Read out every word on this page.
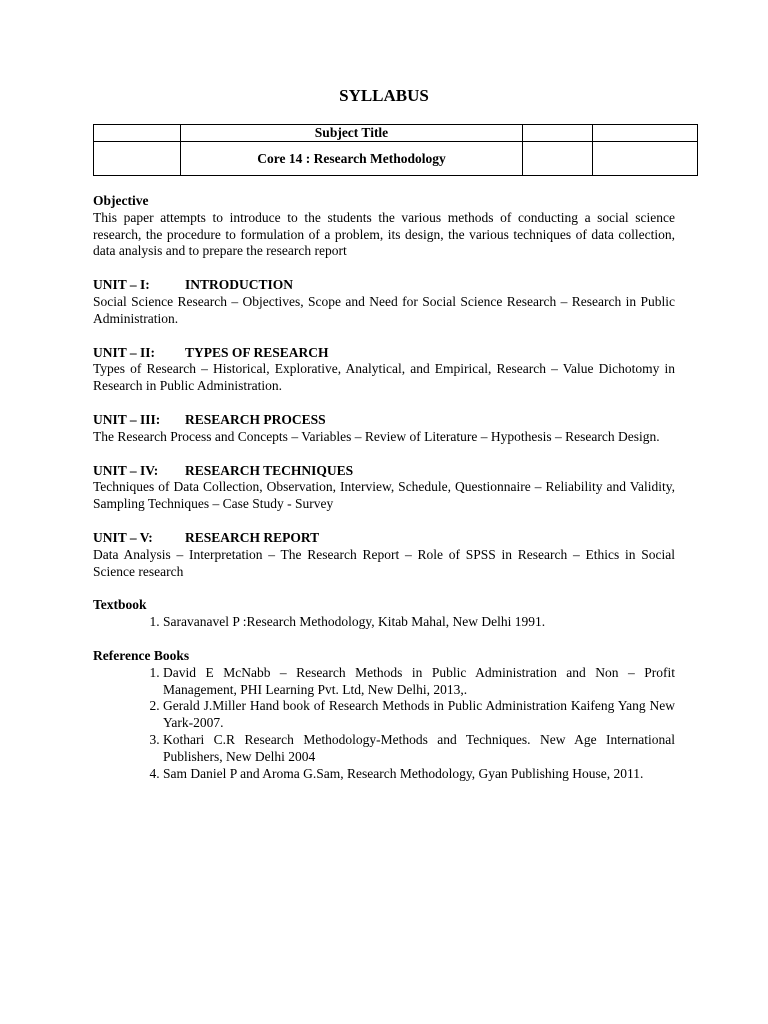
SYLLABUS
	Subject Title		
	Core 14 : Research Methodology		

Objective

This paper attempts to introduce to the students the various methods of conducting a social science research, the procedure to formulation of a problem, its design, the various techniques of data collection, data analysis and to prepare the research report

UNIT – I:	INTRODUCTION

Social Science Research – Objectives, Scope and Need for Social Science Research – Research in Public Administration.

UNIT – II: TYPES OF RESEARCH

Types of Research – Historical, Explorative, Analytical, and Empirical, Research – Value Dichotomy in Research in Public Administration.

UNIT – III: RESEARCH PROCESS

The Research Process and Concepts – Variables – Review of Literature – Hypothesis – Research Design.

UNIT – IV: RESEARCH TECHNIQUES

Techniques of Data Collection, Observation, Interview, Schedule, Questionnaire – Reliability and Validity, Sampling Techniques – Case Study - Survey

UNIT – V: RESEARCH REPORT

Data Analysis – Interpretation – The Research Report – Role of SPSS in Research – Ethics in Social Science research

Textbook

1. Saravanavel P :Research Methodology, Kitab Mahal, New Delhi 1991.

Reference Books

1. David E McNabb – Research Methods in Public Administration and Non – Profit Management, PHI Learning Pvt. Ltd, New Delhi, 2013,.
2. Gerald J.Miller Hand book of Research Methods in Public Administration Kaifeng Yang New Yark-2007.
3. Kothari C.R Research Methodology-Methods and Techniques. New Age International Publishers, New Delhi 2004
4. Sam Daniel P and Aroma G.Sam, Research Methodology, Gyan Publishing House, 2011.
